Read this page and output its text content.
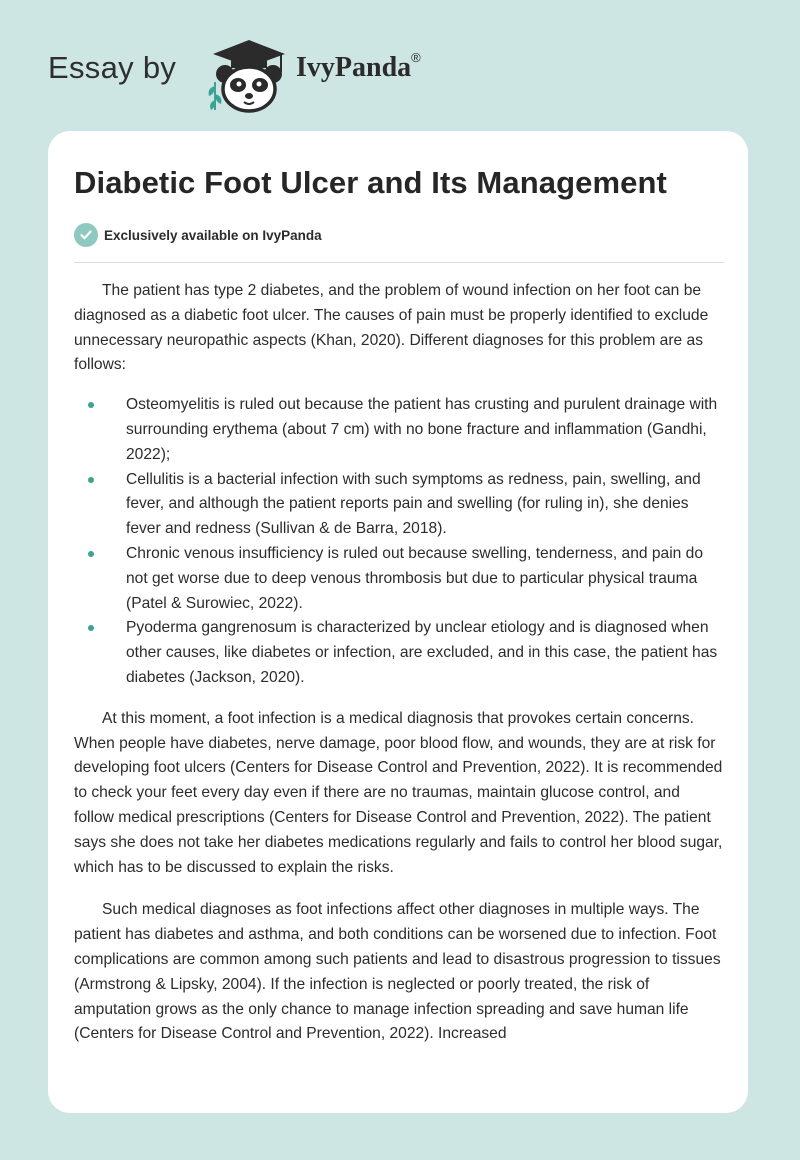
Essay by	IvyPanda®
Diabetic Foot Ulcer and Its Management
Exclusively available on IvyPanda

The patient has type 2 diabetes, and the problem of wound infection on her foot can be diagnosed as a diabetic foot ulcer. The causes of pain must be properly identified to exclude unnecessary neuropathic aspects (Khan, 2020). Different diagnoses for this problem are as follows:

Osteomyelitis is ruled out because the patient has crusting and purulent drainage with surrounding erythema (about 7 cm) with no bone fracture and inflammation (Gandhi, 2022);
Cellulitis is a bacterial infection with such symptoms as redness, pain, swelling, and fever, and although the patient reports pain and swelling (for ruling in), she denies fever and redness (Sullivan & de Barra, 2018).
Chronic venous insufficiency is ruled out because swelling, tenderness, and pain do not get worse due to deep venous thrombosis but due to particular physical trauma (Patel & Surowiec, 2022).
Pyoderma gangrenosum is characterized by unclear etiology and is diagnosed when other causes, like diabetes or infection, are excluded, and in this case, the patient has diabetes (Jackson, 2020).

At this moment, a foot infection is a medical diagnosis that provokes certain concerns. When people have diabetes, nerve damage, poor blood flow, and wounds, they are at risk for developing foot ulcers (Centers for Disease Control and Prevention, 2022). It is recommended to check your feet every day even if there are no traumas, maintain glucose control, and follow medical prescriptions (Centers for Disease Control and Prevention, 2022). The patient says she does not take her diabetes medications regularly and fails to control her blood sugar, which has to be discussed to explain the risks.

Such medical diagnoses as foot infections affect other diagnoses in multiple ways. The patient has diabetes and asthma, and both conditions can be worsened due to infection. Foot complications are common among such patients and lead to disastrous progression to tissues (Armstrong & Lipsky, 2004). If the infection is neglected or poorly treated, the risk of amputation grows as the only chance to manage infection spreading and save human life (Centers for Disease Control and Prevention, 2022). Increased
